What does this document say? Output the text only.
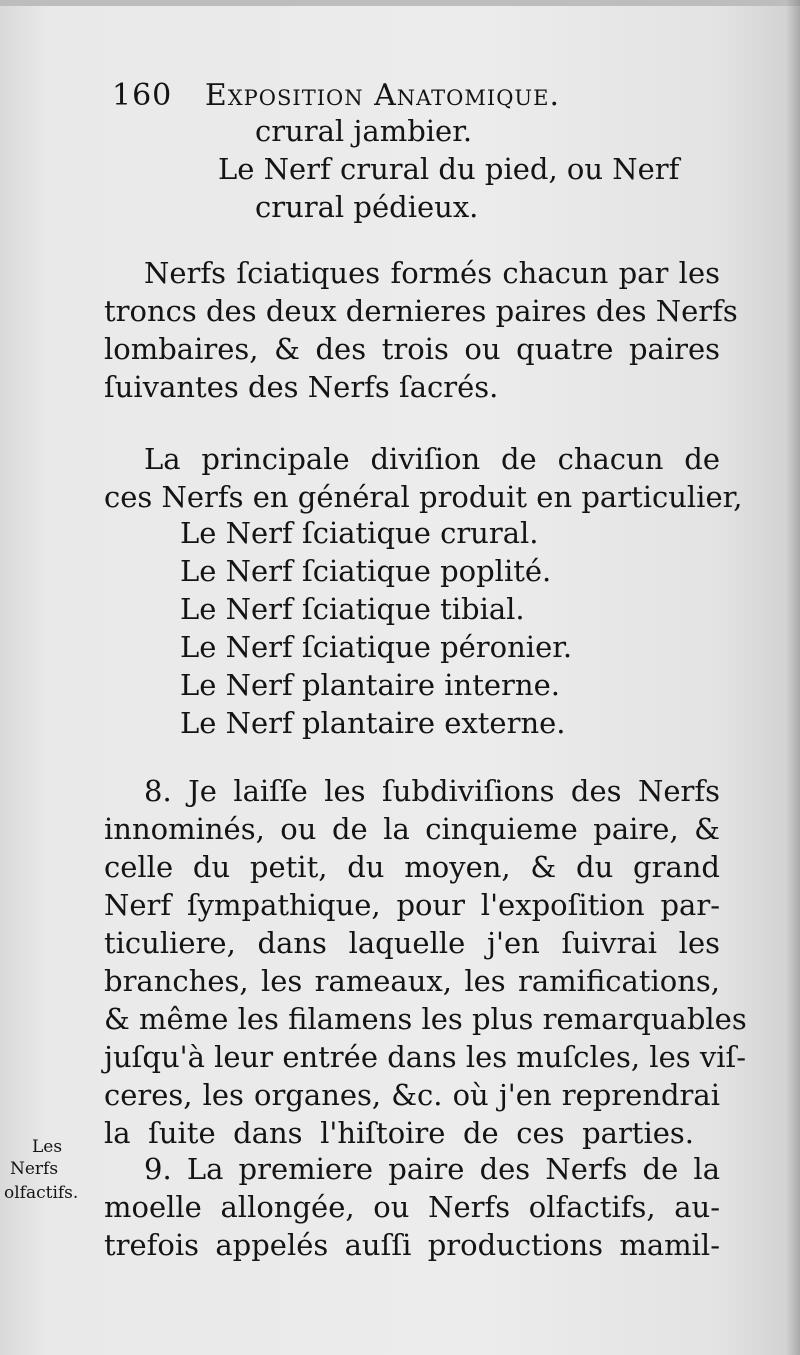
160 Exposition Anatomique.
crural jambier.
Le Nerf crural du pied, ou Nerf
crural pédieux.
Nerfs ſciatiques formés chacun par les
troncs des deux dernieres paires des Nerfs
lombaires, & des trois ou quatre paires
ſuivantes des Nerfs ſacrés.
La principale diviſion de chacun de
ces Nerfs en général produit en particulier,
Le Nerf ſciatique crural.
Le Nerf ſciatique poplité.
Le Nerf ſciatique tibial.
Le Nerf ſciatique péronier.
Le Nerf plantaire interne.
Le Nerf plantaire externe.
8. Je laiſſe les ſubdiviſions des Nerfs
innominés, ou de la cinquieme paire, &
celle du petit, du moyen, & du grand
Nerf ſympathique, pour l'expoſition par-
ticuliere, dans laquelle j'en ſuivrai les
branches, les rameaux, les ramifications,
& même les filamens les plus remarquables
juſqu'à leur entrée dans les muſcles, les viſ-
ceres, les organes, &c. où j'en reprendrai
la ſuite dans l'hiſtoire de ces parties.
9. La premiere paire des Nerfs de la
moelle allongée, ou Nerfs olfactifs, au-
trefois appelés auſſi productions mamil-
Les
Nerfs
olfactifs.
